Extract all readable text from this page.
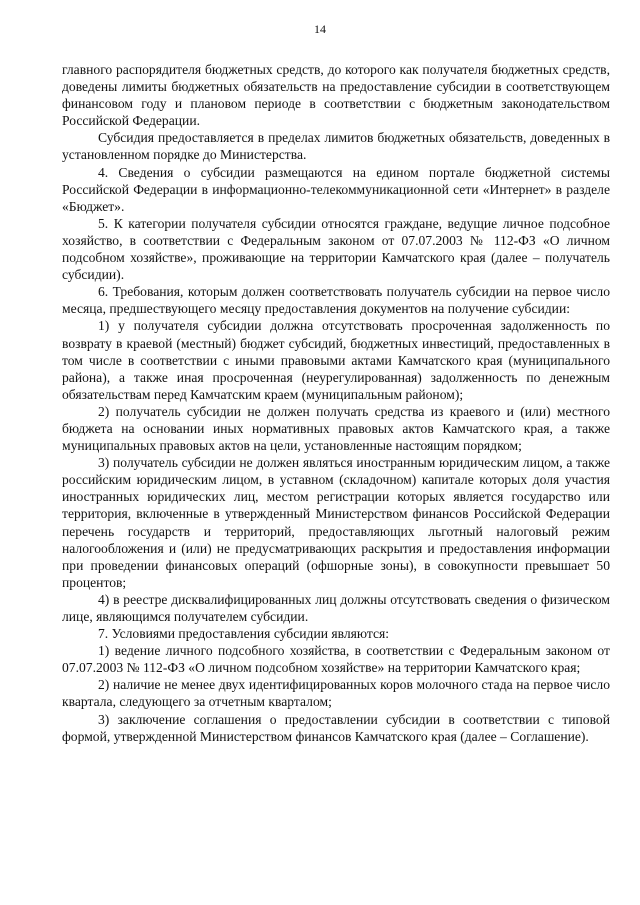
14

главного распорядителя бюджетных средств, до которого как получателя бюджетных средств, доведены лимиты бюджетных обязательств на предоставление субсидии в соответствующем финансовом году и плановом периоде в соответствии с бюджетным законодательством Российской Федерации.

Субсидия предоставляется в пределах лимитов бюджетных обязательств, доведенных в установленном порядке до Министерства.

4. Сведения о субсидии размещаются на едином портале бюджетной системы Российской Федерации в информационно-телекоммуникационной сети «Интернет» в разделе «Бюджет».

5. К категории получателя субсидии относятся граждане, ведущие личное подсобное хозяйство, в соответствии с Федеральным законом от 07.07.2003 № 112-ФЗ «О личном подсобном хозяйстве», проживающие на территории Камчатского края (далее – получатель субсидии).

6. Требования, которым должен соответствовать получатель субсидии на первое число месяца, предшествующего месяцу предоставления документов на получение субсидии:

1) у получателя субсидии должна отсутствовать просроченная задолженность по возврату в краевой (местный) бюджет субсидий, бюджетных инвестиций, предоставленных в том числе в соответствии с иными правовыми актами Камчатского края (муниципального района), а также иная просроченная (неурегулированная) задолженность по денежным обязательствам перед Камчатским краем (муниципальным районом);

2) получатель субсидии не должен получать средства из краевого и (или) местного бюджета на основании иных нормативных правовых актов Камчатского края, а также муниципальных правовых актов на цели, установленные настоящим порядком;

3) получатель субсидии не должен являться иностранным юридическим лицом, а также российским юридическим лицом, в уставном (складочном) капитале которых доля участия иностранных юридических лиц, местом регистрации которых является государство или территория, включенные в утвержденный Министерством финансов Российской Федерации перечень государств и территорий, предоставляющих льготный налоговый режим налогообложения и (или) не предусматривающих раскрытия и предоставления информации при проведении финансовых операций (офшорные зоны), в совокупности превышает 50 процентов;

4) в реестре дисквалифицированных лиц должны отсутствовать сведения о физическом лице, являющимся получателем субсидии.

7. Условиями предоставления субсидии являются:

1) ведение личного подсобного хозяйства, в соответствии с Федеральным законом от 07.07.2003 № 112-ФЗ «О личном подсобном хозяйстве» на территории Камчатского края;

2) наличие не менее двух идентифицированных коров молочного стада на первое число квартала, следующего за отчетным кварталом;

3) заключение соглашения о предоставлении субсидии в соответствии с типовой формой, утвержденной Министерством финансов Камчатского края (далее – Соглашение).
